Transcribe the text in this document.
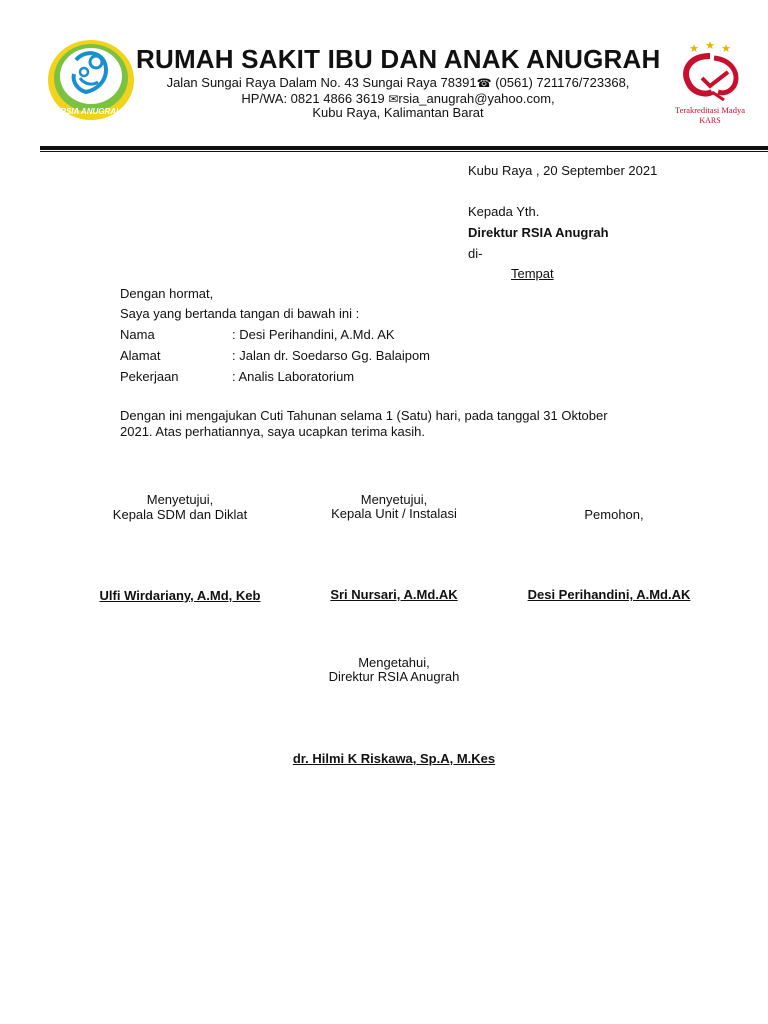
RSIA ANUGRAH
RUMAH SAKIT IBU DAN ANAK ANUGRAH
Jalan Sungai Raya Dalam No. 43 Sungai Raya 78391☎ (0561) 721176/723368,
HP/WA: 0821 4866 3619 ✉rsia_anugrah@yahoo.com,
Kubu Raya, Kalimantan Barat
★ ★ ★
Terakreditasi Madya
KARS
Kubu Raya , 20 September 2021
Kepada Yth.
Direktur RSIA Anugrah
di-
Tempat
Dengan hormat,
Saya yang bertanda tangan di bawah ini :
Nama	: Desi Perihandini, A.Md. AK
Alamat	: Jalan dr. Soedarso Gg. Balaipom
Pekerjaan	: Analis Laboratorium
Dengan ini mengajukan Cuti Tahunan selama 1 (Satu) hari, pada tanggal 31 Oktober
2021. Atas perhatiannya, saya ucapkan terima kasih.
Menyetujui,
Kepala SDM dan Diklat
Ulfi Wirdariany, A.Md, Keb
Menyetujui,
Kepala Unit / Instalasi
Sri Nursari, A.Md.AK
Pemohon,
Desi Perihandini, A.Md.AK
Mengetahui,
Direktur RSIA Anugrah
dr. Hilmi K Riskawa, Sp.A, M.Kes
